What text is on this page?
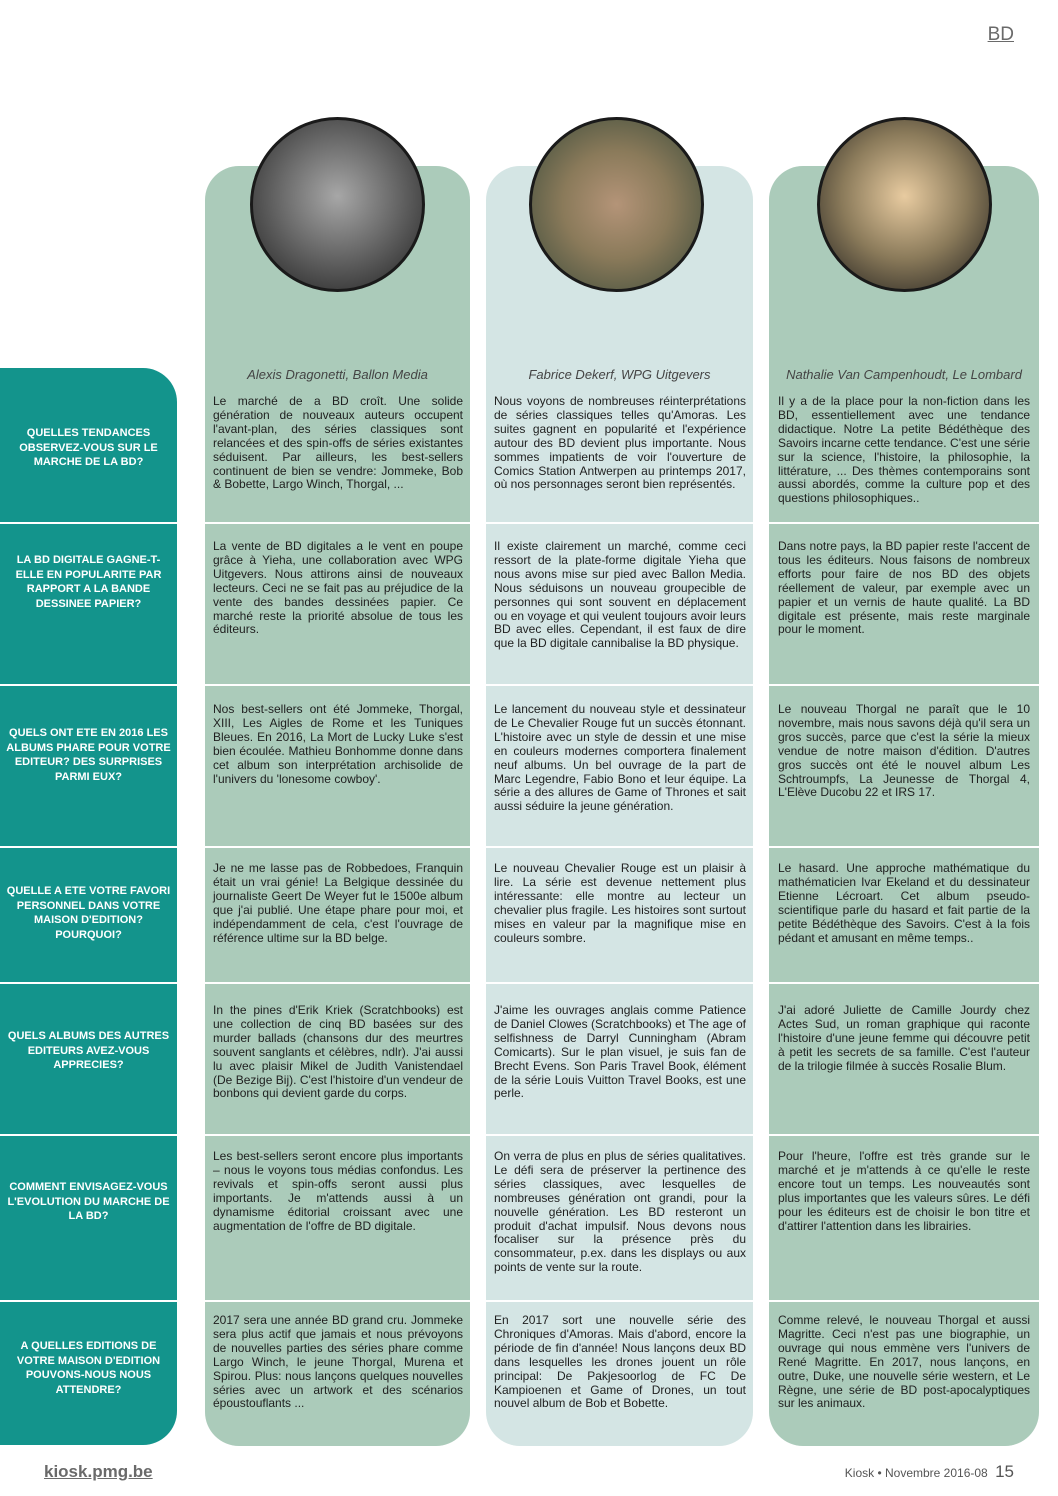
BD
Alexis Dragonetti, Ballon Media	Fabrice Dekerf, WPG Uitgevers	Nathalie Van Campenhoudt, Le Lombard
QUELLES TENDANCES OBSERVEZ-VOUS SUR LE MARCHE DE LA BD?
Le marché de a BD croît. Une solide génération de nouveaux auteurs occupent l'avant-plan, des séries classiques sont relancées et des spin-offs de séries existantes séduisent. Par ailleurs, les best-sellers continuent de bien se vendre: Jommeke, Bob & Bobette, Largo Winch, Thorgal, ...
Nous voyons de nombreuses réinterprétations de séries classiques telles qu'Amoras. Les suites gagnent en popularité et l'expérience autour des BD devient plus importante. Nous sommes impatients de voir l'ouverture de Comics Station Antwerpen au printemps 2017, où nos personnages seront bien représentés.
Il y a de la place pour la non-fiction dans les BD, essentiellement avec une tendance didactique. Notre La petite Bédéthèque des Savoirs incarne cette tendance. C'est une série sur la science, l'histoire, la philosophie, la littérature, ... Des thèmes contemporains sont aussi abordés, comme la culture pop et des questions philosophiques..
LA BD DIGITALE GAGNE-T-ELLE EN POPULARITE PAR RAPPORT A LA BANDE DESSINEE PAPIER?
La vente de BD digitales a le vent en poupe grâce à Yieha, une collaboration avec WPG Uitgevers. Nous attirons ainsi de nouveaux lecteurs. Ceci ne se fait pas au préjudice de la vente des bandes dessinées papier. Ce marché reste la priorité absolue de tous les éditeurs.
Il existe clairement un marché, comme ceci ressort de la plate-forme digitale Yieha que nous avons mise sur pied avec Ballon Media. Nous séduisons un nouveau groupecible de personnes qui sont souvent en déplacement ou en voyage et qui veulent toujours avoir leurs BD avec elles. Cependant, il est faux de dire que la BD digitale cannibalise la BD physique.
Dans notre pays, la BD papier reste l'accent de tous les éditeurs. Nous faisons de nombreux efforts pour faire de nos BD des objets réellement de valeur, par exemple avec un papier et un vernis de haute qualité. La BD digitale est présente, mais reste marginale pour le moment.
QUELS ONT ETE EN 2016 LES ALBUMS PHARE POUR VOTRE EDITEUR? DES SURPRISES PARMI EUX?
Nos best-sellers ont été Jommeke, Thorgal, XIII, Les Aigles de Rome et les Tuniques Bleues. En 2016, La Mort de Lucky Luke s'est bien écoulée. Mathieu Bonhomme donne dans cet album son interprétation archisolide de l'univers du 'lonesome cowboy'.
Le lancement du nouveau style et dessinateur de Le Chevalier Rouge fut un succès étonnant. L'histoire avec un style de dessin et une mise en couleurs modernes comportera finalement neuf albums. Un bel ouvrage de la part de Marc Legendre, Fabio Bono et leur équipe. La série a des allures de Game of Thrones et sait aussi séduire la jeune génération.
Le nouveau Thorgal ne paraît que le 10 novembre, mais nous savons déjà qu'il sera un gros succès, parce que c'est la série la mieux vendue de notre maison d'édition. D'autres gros succès ont été le nouvel album Les Schtroumpfs, La Jeunesse de Thorgal 4, L'Elève Ducobu 22 et IRS 17.
QUELLE A ETE VOTRE FAVORI PERSONNEL DANS VOTRE MAISON D'EDITION? POURQUOI?
Je ne me lasse pas de Robbedoes, Franquin était un vrai génie! La Belgique dessinée du journaliste Geert De Weyer fut le 1500e album que j'ai publié. Une étape phare pour moi, et indépendamment de cela, c'est l'ouvrage de référence ultime sur la BD belge.
Le nouveau Chevalier Rouge est un plaisir à lire. La série est devenue nettement plus intéressante: elle montre au lecteur un chevalier plus fragile. Les histoires sont surtout mises en valeur par la magnifique mise en couleurs sombre.
Le hasard. Une approche mathématique du mathématicien Ivar Ekeland et du dessinateur Etienne Lécroart. Cet album pseudo-scientifique parle du hasard et fait partie de la petite Bédéthèque des Savoirs. C'est à la fois pédant et amusant en même temps..
QUELS ALBUMS DES AUTRES EDITEURS AVEZ-VOUS APPRECIES?
In the pines d'Erik Kriek (Scratchbooks) est une collection de cinq BD basées sur des murder ballads (chansons dur des meurtres souvent sanglants et célèbres, ndlr). J'ai aussi lu avec plaisir Mikel de Judith Vanistendael (De Bezige Bij). C'est l'histoire d'un vendeur de bonbons qui devient garde du corps.
J'aime les ouvrages anglais comme Patience de Daniel Clowes (Scratchbooks) et The age of selfishness de Darryl Cunningham (Abram Comicarts). Sur le plan visuel, je suis fan de Brecht Evens. Son Paris Travel Book, élément de la série Louis Vuitton Travel Books, est une perle.
J'ai adoré Juliette de Camille Jourdy chez Actes Sud, un roman graphique qui raconte l'histoire d'une jeune femme qui découvre petit à petit les secrets de sa famille. C'est l'auteur de la trilogie filmée à succès Rosalie Blum.
COMMENT ENVISAGEZ-VOUS L'EVOLUTION DU MARCHE DE LA BD?
Les best-sellers seront encore plus importants – nous le voyons tous médias confondus. Les revivals et spin-offs seront aussi plus importants. Je m'attends aussi à un dynamisme éditorial croissant avec une augmentation de l'offre de BD digitale.
On verra de plus en plus de séries qualitatives. Le défi sera de préserver la pertinence des séries classiques, avec lesquelles de nombreuses génération ont grandi, pour la nouvelle génération. Les BD resteront un produit d'achat impulsif. Nous devons nous focaliser sur la présence près du consommateur, p.ex. dans les displays ou aux points de vente sur la route.
Pour l'heure, l'offre est très grande sur le marché et je m'attends à ce qu'elle le reste encore tout un temps. Les nouveautés sont plus importantes que les valeurs sûres. Le défi pour les éditeurs est de choisir le bon titre et d'attirer l'attention dans les librairies.
A QUELLES EDITIONS DE VOTRE MAISON D'EDITION POUVONS-NOUS NOUS ATTENDRE?
2017 sera une année BD grand cru. Jommeke sera plus actif que jamais et nous prévoyons de nouvelles parties des séries phare comme Largo Winch, le jeune Thorgal, Murena et Spirou. Plus: nous lançons quelques nouvelles séries avec un artwork et des scénarios époustouflants ...
En 2017 sort une nouvelle série des Chroniques d'Amoras. Mais d'abord, encore la période de fin d'année! Nous lançons deux BD dans lesquelles les drones jouent un rôle principal: De Pakjesoorlog de FC De Kampioenen et Game of Drones, un tout nouvel album de Bob et Bobette.
Comme relevé, le nouveau Thorgal et aussi Magritte. Ceci n'est pas une biographie, un ouvrage qui nous emmène vers l'univers de René Magritte. En 2017, nous lançons, en outre, Duke, une nouvelle série western, et Le Règne, une série de BD post-apocalyptiques sur les animaux.
kiosk.pmg.be	Kiosk • Novembre 2016-08 15
